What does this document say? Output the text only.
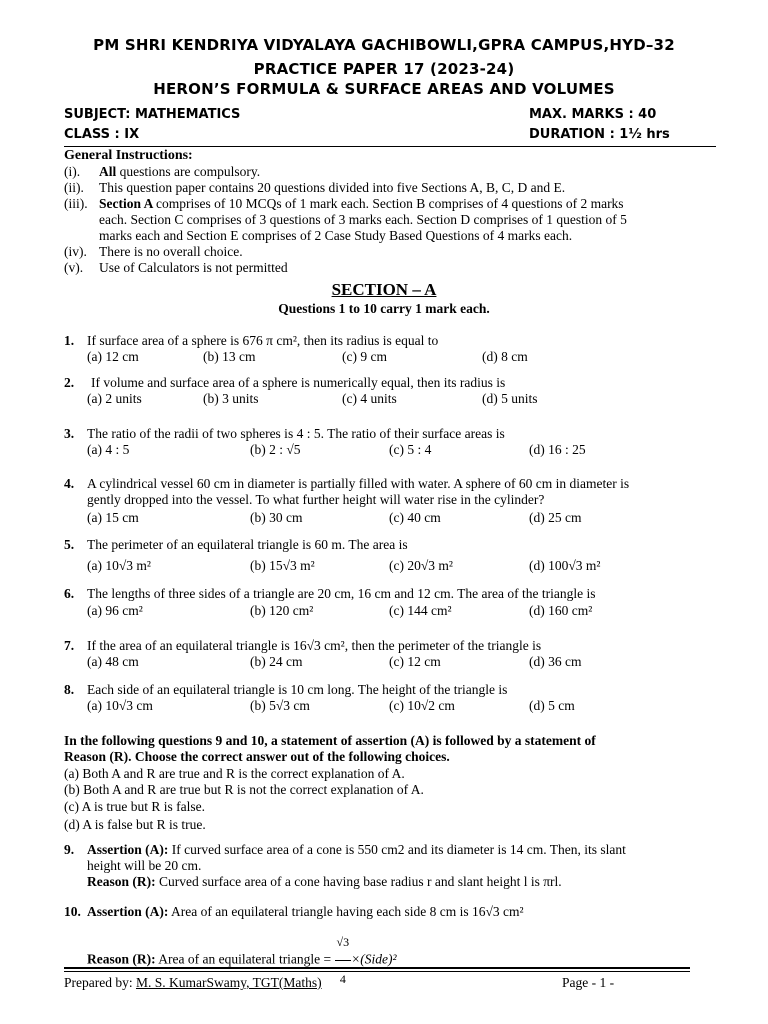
PM SHRI KENDRIYA VIDYALAYA GACHIBOWLI,GPRA CAMPUS,HYD–32
PRACTICE PAPER 17 (2023-24)
HERON’S FORMULA & SURFACE AREAS AND VOLUMES
SUBJECT: MATHEMATICS	MAX. MARKS : 40
CLASS : IX	DURATION : 1½ hrs
General Instructions:
(i). All questions are compulsory.
(ii). This question paper contains 20 questions divided into five Sections A, B, C, D and E.
(iii). Section A comprises of 10 MCQs of 1 mark each. Section B comprises of 4 questions of 2 marks
each. Section C comprises of 3 questions of 3 marks each. Section D comprises of 1 question of 5
marks each and Section E comprises of 2 Case Study Based Questions of 4 marks each.
(iv). There is no overall choice.
(v). Use of Calculators is not permitted
SECTION – A
Questions 1 to 10 carry 1 mark each.
1. If surface area of a sphere is 676 π cm², then its radius is equal to
(a) 12 cm	(b) 13 cm	(c) 9 cm	(d) 8 cm
2. If volume and surface area of a sphere is numerically equal, then its radius is
(a) 2 units	(b) 3 units	(c) 4 units	(d) 5 units
3. The ratio of the radii of two spheres is 4 : 5. The ratio of their surface areas is
(a) 4 : 5	(b) 2 : √5	(c) 5 : 4	(d) 16 : 25
4. A cylindrical vessel 60 cm in diameter is partially filled with water. A sphere of 60 cm in diameter is
gently dropped into the vessel. To what further height will water rise in the cylinder?
(a) 15 cm	(b) 30 cm	(c) 40 cm	(d) 25 cm
5. The perimeter of an equilateral triangle is 60 m. The area is
(a) 10√3 m²	(b) 15√3 m²	(c) 20√3 m²	(d) 100√3 m²
6. The lengths of three sides of a triangle are 20 cm, 16 cm and 12 cm. The area of the triangle is
(a) 96 cm²	(b) 120 cm²	(c) 144 cm²	(d) 160 cm²
7. If the area of an equilateral triangle is 16√3 cm², then the perimeter of the triangle is
(a) 48 cm	(b) 24 cm	(c) 12 cm	(d) 36 cm
8. Each side of an equilateral triangle is 10 cm long. The height of the triangle is
(a) 10√3 cm	(b) 5√3 cm	(c) 10√2 cm	(d) 5 cm
In the following questions 9 and 10, a statement of assertion (A) is followed by a statement of
Reason (R). Choose the correct answer out of the following choices.
(a) Both A and R are true and R is the correct explanation of A.
(b) Both A and R are true but R is not the correct explanation of A.
(c) A is true but R is false.
(d) A is false but R is true.
9. Assertion (A): If curved surface area of a cone is 550 cm2 and its diameter is 14 cm. Then, its slant
height will be 20 cm.
Reason (R): Curved surface area of a cone having base radius r and slant height l is πrl.
10. Assertion (A): Area of an equilateral triangle having each side 8 cm is 16√3 cm²
Reason (R): Area of an equilateral triangle = $\frac{√3}{4}$ ×(Side)²
Prepared by: M. S. KumarSwamy, TGT(Maths)	Page - 1 -
